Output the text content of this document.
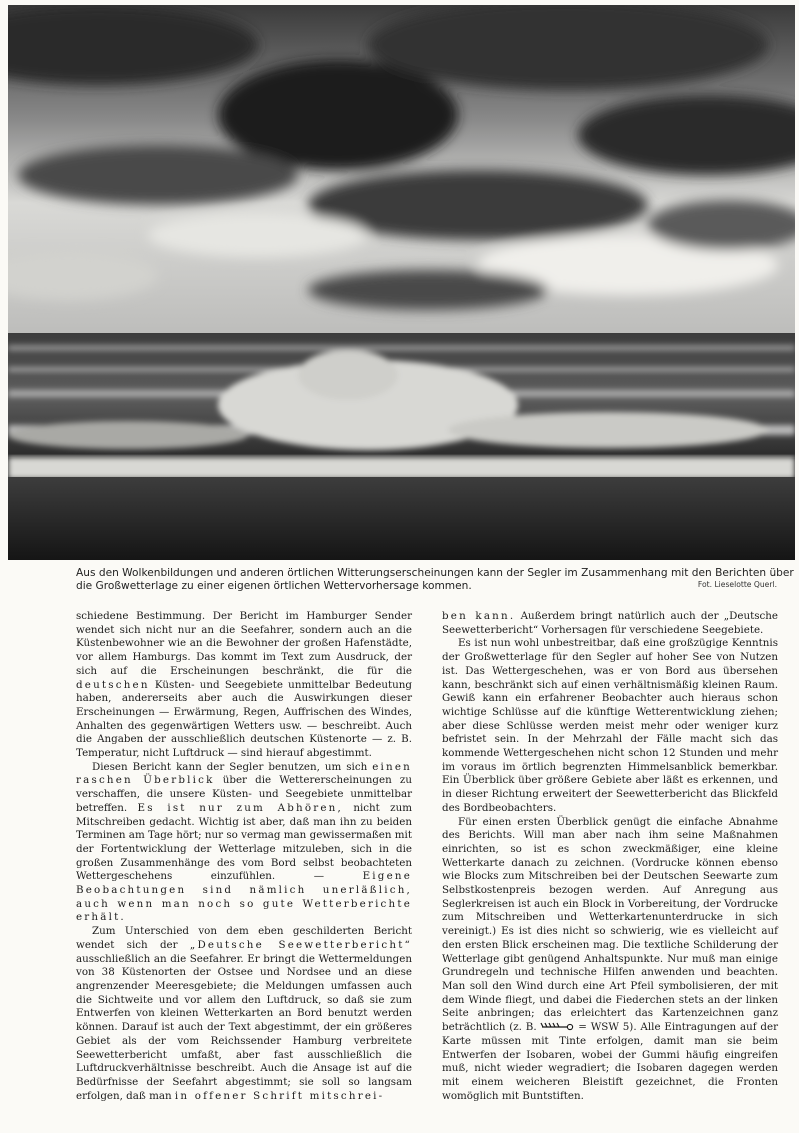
Aus den Wolkenbildungen und anderen örtlichen Witterungserscheinungen kann der Segler im Zusammenhang mit den Berichten über die Großwetterlage zu einer eigenen örtlichen Wettervorhersage kommen.	Fot. Lieselotte Querl.

schiedene Bestimmung. Der Bericht im Hamburger Sender wendet sich nicht nur an die Seefahrer, sondern auch an die Küstenbewohner wie an die Bewohner der großen Hafenstädte, vor allem Hamburgs. Das kommt im Text zum Ausdruck, der sich auf die Erscheinungen beschränkt, die für die deutschen Küsten- und Seegebiete unmittelbar Bedeutung haben, andererseits aber auch die Auswirkungen dieser Erscheinungen — Erwärmung, Regen, Auffrischen des Windes, Anhalten des gegenwärtigen Wetters usw. — beschreibt. Auch die Angaben der ausschließlich deutschen Küstenorte — z. B. Temperatur, nicht Luftdruck — sind hierauf abgestimmt.

Diesen Bericht kann der Segler benutzen, um sich einen raschen Überblick über die Wettererscheinungen zu verschaffen, die unsere Küsten- und Seegebiete unmittelbar betreffen. Es ist nur zum Abhören, nicht zum Mitschreiben gedacht. Wichtig ist aber, daß man ihn zu beiden Terminen am Tage hört; nur so vermag man gewissermaßen mit der Fortentwicklung der Wetterlage mitzuleben, sich in die großen Zusammenhänge des vom Bord selbst beobachteten Wettergeschehens einzufühlen. —	Eigene Beobachtungen sind nämlich unerläßlich, auch wenn man noch so gute Wetterberichte erhält.

Zum Unterschied von dem eben geschilderten Bericht wendet sich der „Deutsche Seewetterbericht“ ausschließlich an die Seefahrer. Er bringt die Wettermeldungen von 38 Küstenorten der Ostsee und Nordsee und an diese angrenzender Meeresgebiete; die Meldungen umfassen auch die Sichtweite und vor allem den Luftdruck, so daß sie zum Entwerfen von kleinen Wetterkarten an Bord benutzt werden können. Darauf ist auch der Text abgestimmt, der ein größeres Gebiet als der vom Reichssender Hamburg verbreitete Seewetterbericht umfaßt, aber fast ausschließlich die Luftdruckverhältnisse beschreibt. Auch die Ansage ist auf die Bedürfnisse der Seefahrt abgestimmt; sie soll so langsam erfolgen, daß man in offener Schrift mitschrei-

ben kann. Außerdem bringt natürlich auch der „Deutsche Seewetterbericht“ Vorhersagen für verschiedene Seegebiete.

Es ist nun wohl unbestreitbar, daß eine großzügige Kenntnis der Großwetterlage für den Segler auf hoher See von Nutzen ist. Das Wettergeschehen, was er von Bord aus übersehen kann, beschränkt sich auf einen verhältnismäßig kleinen Raum. Gewiß kann ein erfahrener Beobachter auch hieraus schon wichtige Schlüsse auf die künftige Wetterentwicklung ziehen; aber diese Schlüsse werden meist mehr oder weniger kurz befristet sein. In der Mehrzahl der Fälle macht sich das kommende Wettergeschehen nicht schon 12 Stunden und mehr im voraus im örtlich begrenzten Himmelsanblick bemerkbar. Ein Überblick über größere Gebiete aber läßt es erkennen, und in dieser Richtung erweitert der Seewetterbericht das Blickfeld des Bordbeobachters.

Für einen ersten Überblick genügt die einfache Abnahme des Berichts. Will man aber nach ihm seine Maßnahmen einrichten, so ist es schon zweckmäßiger, eine kleine Wetterkarte danach zu zeichnen. (Vordrucke können ebenso wie Blocks zum Mitschreiben bei der Deutschen Seewarte zum Selbstkostenpreis bezogen werden. Auf Anregung aus Seglerkreisen ist auch ein Block in Vorbereitung, der Vordrucke zum Mitschreiben und Wetterkartenunterdrucke in sich vereinigt.) Es ist dies nicht so schwierig, wie es vielleicht auf den ersten Blick erscheinen mag. Die textliche Schilderung der Wetterlage gibt genügend Anhaltspunkte. Nur muß man einige Grundregeln und technische Hilfen anwenden und beachten. Man soll den Wind durch eine Art Pfeil symbolisieren, der mit dem Winde fliegt, und dabei die Fiederchen stets an der linken Seite anbringen; das erleichtert das Kartenzeichnen ganz beträchtlich (z. B.	= WSW 5). Alle Eintragungen auf der Karte müssen mit Tinte erfolgen, damit man sie beim Entwerfen der Isobaren, wobei der Gummi häufig eingreifen muß, nicht wieder wegradiert; die Isobaren dagegen werden mit einem weicheren Bleistift gezeichnet, die Fronten womöglich mit Buntstiften.
